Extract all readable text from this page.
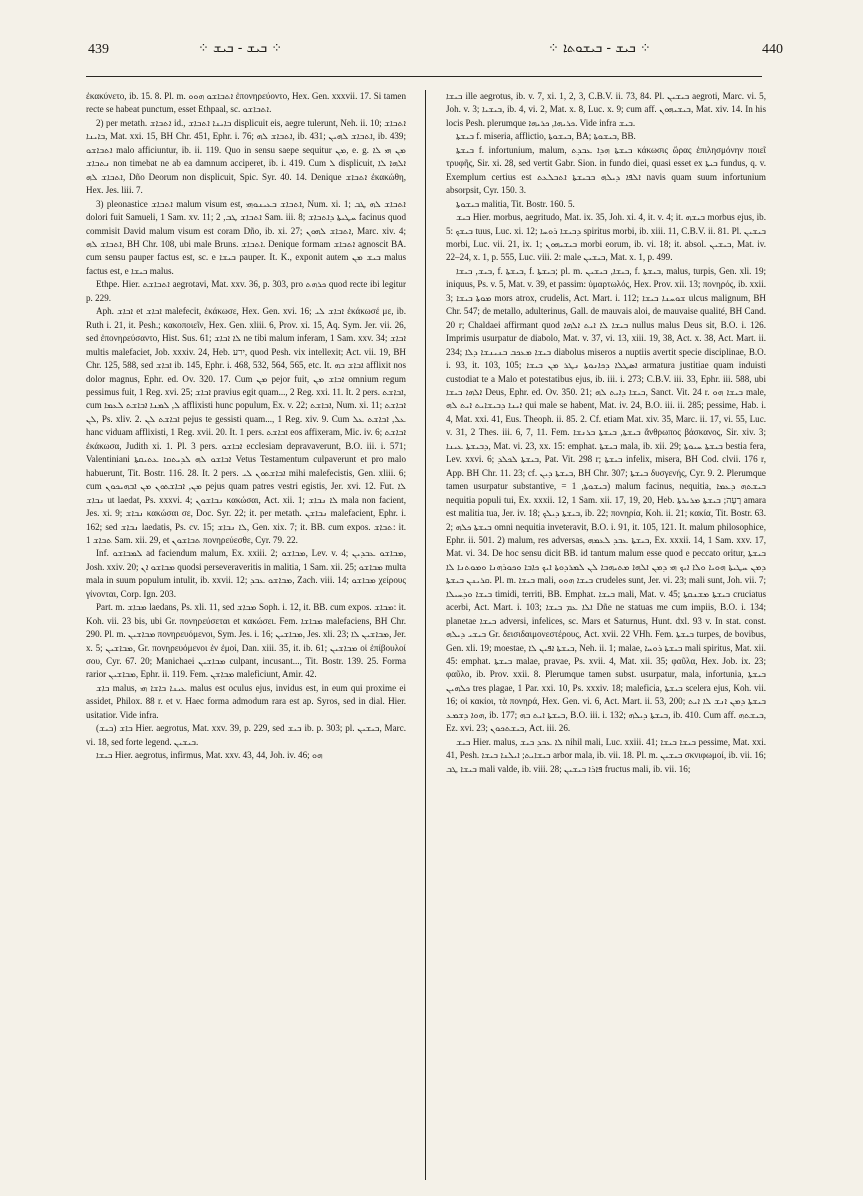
439	⁘ ܒܝܫ - ܒܝܫ ⁘	⁘ ܒܝܫ - ܒܝܫܘܬܐ ⁘	440

ἐκακύνετο, ib. 15. 8. Pl. m. ܐܬܒܐܫܘ ܗܘܘ ἐπονηρεύοντο, Hex. Gen. xxxvii. 17. Si tamen recte se habeat punctum, esset Ethpaal, sc. ܐܬܒܐܫܘ.

2) per metath. ܐܬܒܐܫ id., ܒܐܝܢܐ ܐܬܒܐܫ displicuit eis, aegre tulerunt, Neh. ii. 10; ܐܬܒܐܫ ܒܐܝܢܐ, Mat. xxi. 15, BH Chr. 451, Ephr. i. 76; ܐܬܒܐܫ ܠܗ, ib. 431; ܐܬܒܐܫ ܠܗܝܢ, ib. 439; ܐܬܒܐܫܘ malo afficiuntur, ib. ii. 119. Quo in sensu saepe sequitur ܡܢ, e. g. ܡܢ ܗܝ ܠܐ ܢܬܒܐܫ non timebat ne ab ea damnum acciperet, ib. i. 419. Cum ܠ displicuit, ܐܠܗܐ ܠܐ ܐܬܒܐܫ ܠܗ, Dño Deorum non displicuit, Spic. Syr. 40. 14. Denique ܐܬܒܐܫ ἐκακώθη, Hex. Jes. liii. 7.

3) pleonastice ܐܬܒܐܫ malum visum est, ܐܬܒܐܫ ܒܥܝܢܘܗܝ, Num. xi. 1; ܐܬܒܐܫ ܠܗ ܛܒ dolori fuit Samueli, 1 Sam. xv. 11; ܐܬܒܐܫ ܛܒ, 2 Sam. iii. 8; ܚܛܝܬܐ ܕܐܬܒܐܫ facinus quod commisit David malum visum est coram Dño, ib. xi. 27; ܐܬܒܐܫ ܠܗܘܢ, Marc. xiv. 4; ܐܬܒܐܫ ܠܗ, BH Chr. 108, ubi male Bruns. ܐܬܒܐܫ. Denique formam ܐܬܒܐܫ agnoscit BA. cum sensu pauper factus est, sc. e ܒܝܫܐ pauper. It. K., exponit autem ܒܝܫ ܡܢ malus factus est, e ܒܝܫܐ malus.

Ethpe. Hier. ܐܬܒܐܫܬ aegrotavi, Mat. xxv. 36, p. 303, pro ܟܪܗܬ quod recte ibi legitur p. 229.

Aph. ܐܒܐܫ et ܐܒܐܫ malefecit, ἐκάκωσε, Hex. Gen. xvi. 16; ܐܒܐܫ ܠܝ ἐκάκωσέ με, ib. Ruth i. 21, it. Pesh.; κακοποιεῖν, Hex. Gen. xliii. 6, Prov. xi. 15, Aq. Sym. Jer. vii. 26, sed ἐπονηρεύσαντο, Hist. Sus. 61; ܠܐ ܐܒܐܫ ne tibi malum inferam, 1 Sam. xxv. 34; ܐܒܐܫ multis malefaciet, Job. xxxiv. 24, Heb. ירע, quod Pesh. vix intellexit; Act. vii. 19, BH Chr. 125, 588, sed ܐܒܐܫ ib. 145, Ephr. i. 468, 532, 564, 565, etc. It. ܐܒܐܫ ܒܗ afflixit nos dolor magnus, Ephr. ed. Ov. 320. 17. Cum ܡܢ pejor fuit, ܐܒܐܫ ܡܢ omnium regum pessimus fuit, 1 Reg. xvi. 25; ܐܒܐܫ pravius egit quam..., 2 Reg. xxi. 11. It. 2 pers. ܐܒܐܫܬ, cum ܠ, ܠܡܢܐ ܐܒܐܫܬ ܠܥܡܐ afflixisti hunc populum, Ex. v. 22; ܐܒܐܫܬ, Num. xi. 11; ܐܒܐܫܬ ܠܢ, Ps. xliv. 2. ܐܒܐܫܬ ܠܢ pejus te gessisti quam..., 1 Reg. xiv. 9. Cum ܥܠ, ܐܒܐܫܬ ܥܠ hanc viduam afflixisti, 1 Reg. xvii. 20. It. 1 pers. ܐܒܐܫܬ eos affixeram, Mic. iv. 6; ܐܒܐܫܬ ἐκάκωσα, Judith xi. 1. Pl. 3 pers. ܐܒܐܫܘ ecclesiam depravaverunt, B.O. iii. i. 571; Valentiniani ܐܒܐܫܘ ܠܗ ܠܕܝܬܩܐ ܥܬܝܩܬܐ Vetus Testamentum culpaverunt et pro malo habuerunt, Tit. Bostr. 116. 28. It. 2 pers. ܐܒܐܫܬܘܢ ܠܝ mihi malefecistis, Gen. xliii. 6; cum ܡܢ, ܐܒܐܫܬܘܢ ܡܢ ܐܒܗܝܟܘܢ pejus quam patres vestri egistis, Jer. xvi. 12. Fut. ܠܐ ܢܒܐܫ ut laedat, Ps. xxxvi. 4; ܢܒܐܫܘܢ κακώσαι, Act. xii. 1; ܠܐ ܢܒܐܫ mala non facient, Jes. xi. 9; ܢܒܐܫ κακώσαι σε, Doc. Syr. 22; it. per metath. ܢܒܐܫܢ malefacient, Ephr. i. 162; sed ܢܒܐܫ laedatis, Ps. cv. 15; ܠܐ ܢܒܐܫ, Gen. xix. 7; it. BB. cum expos. ܬܒܐܫ: it. ܬܒܐܫ 1 Sam. xii. 29, et ܬܒܐܫܘܢ πονηρεύεσθε, Cyr. 79. 22.

Inf. ܠܡܒܐܫܘ ad faciendum malum, Ex. xxiii. 2; ܡܒܐܫܘ, Lev. v. 4; ܡܒܐܫܘ ܥܒܕܝܢ, Josh. xxiv. 20; ܡܒܐܫܘ ܐܢ quodsi perseveraveritis in malitia, 1 Sam. xii. 25; ܡܒܐܫܘ multa mala in suum populum intulit, ib. xxvii. 12; ܡܒܐܫܘ ܥܒܕ, Zach. viii. 14; ܡܒܐܫܘ χείρους γίνονται, Corp. Ign. 203.

Part. m. ܡܒܐܫ laedans, Ps. xli. 11, sed ܡܒܐܫ Soph. i. 12, it. BB. cum expos. ܡܒܐܫ: it. Koh. vii. 23 bis, ubi Gr. πονηρεύσεται et κακώσει. Fem. ܡܒܐܫܐ malefaciens, BH Chr. 290. Pl. m. ܡܒܐܫܝܢ πονηρευόμενοι, Sym. Jes. i. 16; ܡܒܐܫܝܢ, Jes. xli. 23; ܡܒܐܫܝܢ ܠܐ, Jer. x. 5; ܡܒܐܫܝܢ, Gr. πονηρευόμενοι ἐν ἐμοί, Dan. xiii. 35, it. ib. 61; ܡܒܐܫܝܢ οἱ ἐπίβουλοί σου, Cyr. 67. 20; Manichaei ܡܒܐܫܝܢ culpant, incusant..., Tit. Bostr. 139. 25. Forma rarior ܡܒܐܫܝܢ, Ephr. ii. 119. Fem. ܡܒܐܫܢ maleficiunt, Amir. 42.

ܒܐܫ malus, ܥܝܢܐ ܒܐܫܐ ܗܝ malus est oculus ejus, invidus est, in eum qui proxime ei assidet, Philox. 88 r. et v. Haec forma admodum rara est ap. Syros, sed in dial. Hier. usitatior. Vide infra.

ܒܐܫ (ܒܝܫ) Hier. aegrotus, Mat. xxv. 39, p. 229, sed ܒܝܫ ib. p. 303; pl. ܒܝܫܝܢ, Marc. vi. 18, sed forte legend. ܒܝܫܝܢ.

ܒܝܫܐ Hier. aegrotus, infirmus, Mat. xxv. 43, 44, Joh. iv. 46; ܗܘ

ܒܝܫܐ ille aegrotus, ib. v. 7, xi. 1, 2, 3, C.B.V. ii. 73, 84. Pl. ܒܝܫܝܢ aegroti, Marc. vi. 5, Joh. v. 3; ܒܝܫܝܐ, ib. 4, vi. 2, Mat. x. 8, Luc. x. 9; cum aff. ܒܝܫܝܗܘܢ, Mat. xiv. 14. In his locis Pesh. plerumque ܟܪܝܗܐ, ܟܪܝܗܐ. Vide infra ܒܝܫ.

ܒܝܫܬܐ f. miseria, afflictio, ܒܝܫܘܬܐ, BA; ܒܝܫܘܬܐ, BB.

ܒܝܫܬܐ f. infortunium, malum, ܒܝܫܬܐ ܗܕܐ ܥܒܕܬ κάκωσις ὥρας ἐπιλησμόνην ποιεῖ τρυφῆς, Sir. xi. 28, sed vertit Gabr. Sion. in fundo diei, quasi esset ex ܒܝܬܐ fundus, q. v. Exemplum certius est ܐܠܦܐ ܕܝܠܗ ܒܒܝܫܬܐ ܐܬܒܠܥܬ navis quam suum infortunium absorpsit, Cyr. 150. 3.

ܒܝܫܘܬܐ malitia, Tit. Bostr. 160. 5.

ܒܝܫ Hier. morbus, aegritudo, Mat. ix. 35, Joh. xi. 4, it. v. 4; it. ܒܝܫܗ morbus ejus, ib. 5: ܒܝܫܟ tuus, Luc. xi. 12; ܕܒܝܫܐ ܪܘܚܐ spiritus morbi, ib. xiii. 11, C.B.V. ii. 81. Pl. ܒܝܫܝܢ morbi, Luc. vii. 21, ix. 1; ܒܝܫܝܗܘܢ morbi eorum, ib. vi. 18; it. absol. ܒܝܫܝܢ, Mat. iv. 22–24, x. 1, p. 555, Luc. viii. 2: male ܒܝܫܝܢ, Mat. x. 1, p. 499.

ܒܝܫ, ܒܝܫܐ, f. ܒܝܫܬܐ, f. ܒܝܫܬܐ; pl. m. ܒܝܫܐ, ܒܝܫܝܢ, f. ܒܝܫܬܐ, malus, turpis, Gen. xli. 19; iniquus, Ps. v. 5, Mat. v. 39, et passim: ὑμαρτωλός, Hex. Prov. xii. 13; πονηρός, ib. xxii. 3; ܡܘܬܐ ܒܝܫܐ mors atrox, crudelis, Act. Mart. i. 112; ܫܘܚܢܐ ܒܝܫܐ ulcus malignum, BH Chr. 547; de metallo, adulterinus, Gall. de mauvais aloi, de mauvaise qualité, BH Cand. 20 r; Chaldaei affirmant quod ܒܝܫܐ ܠܐ ܐܝܬ ܐܠܗܐ nullus malus Deus sit, B.O. i. 126. Imprimis usurpatur de diabolo, Mat. v. 37, vi. 13, xiii. 19, 38, Act. x. 38, Act. Mart. ii. 234; ܒܝܫܐ ܡܥܟܒ ܒܢܝܢܫܐ ܕܠܐ diabolus miseros a nuptiis avertit specie disciplinae, B.O. i. 93, it. 103, 105; ܐܣܛܠܐ ܕܟܐܢܘܬܐ ܢܛܪ ܡܢ ܒܝܫܐ armatura justitiae quam induisti custodiat te a Malo et potestatibus ejus, ib. iii. i. 273; C.B.V. iii. 33, Ephr. iii. 588, ubi ܐܠܗܐ ܒܝܫܐ Deus, Ephr. ed. Ov. 350. 21; ܒܝܫܐ ܕܐܝܬ ܠܗ, Sanct. Vit. 24 r. ܒܝܫܐ ܗܘ male, ܐܝܢܐ ܕܒܝܫܐܝܬ ܐܝܬ ܠܗ qui male se habent, Mat. iv. 24, B.O. iii. ii. 285; pessime, Hab. i. 4, Mat. xxi. 41, Eus. Theoph. ii. 85. 2. Cf. etiam Mat. xiv. 35, Marc. ii. 17, vi. 55, Luc. v. 31, 2 Thes. iii. 6, 7, 11. Fem. ܒܝܫܬܐ, ܒܝܫܬܐ ܒܪܢܫܐ ἄνθρωπος βάσκανος, Sir. xiv. 3; ܕܒܝܫܬܐ ܥܝܢܐ, Mat. vi. 23, xx. 15: emphat. ܒܝܫܬܐ mala, ib. xii. 29; ܒܝܫܬܐ ܚܝܘܬܐ bestia fera, Lev. xxvi. 6; ܒܝܫܬܐ ܠܟܠܕ, Pat. Vit. 298 r; ܒܝܫܬܐ infelix, misera, BH Cod. clvii. 176 r, App. BH Chr. 11. 23; cf. ܒܝܫܬܐ ܕܝܢ, BH Chr. 307; ܒܝܫܬܐ δυσγενής, Cyr. 9. 2. Plerumque tamen usurpatur substantive, = ܒܝܫܘܬܐ, 1) malum facinus, nequitia, ܒܝܫܬܗ ܕܥܡܐ nequitia populi tui, Ex. xxxii. 12, 1 Sam. xii. 17, 19, 20, Heb. רָעָה; ܒܝܫܬܐ ܡܪܝܪܬܐ amara est malitia tua, Jer. iv. 18; ܒܝܫܬܐ ܕܝܠܟ, ib. 22; πονηρία, Koh. ii. 21; κακία, Tit. Bostr. 63. 2; ܒܝܫܬܐ ܟܠܗ omni nequitia inveteravit, B.O. i. 91, it. 105, 121. It. malum philosophice, Ephr. ii. 501. 2) malum, res adversas, ܒܝܫܬܐ ܥܒܕ ܠܥܡܗ, Ex. xxxii. 14, 1 Sam. xxv. 17, Mat. vi. 34. De hoc sensu dicit BB. id tantum malum esse quod e peccato oritur, ܒܝܫܬܐ ܕܡܢ ܚܛܝܬܐ ܗܘܝܐ ܘܠܐ ܐܝܟ ܗܝ ܕܡܢ ܐܠܗܐ ܡܬܝܗܒܐ ܠܢ ܠܡܪܕܘܬܐ ܐܝܟ ܟܐܒܐ ܘܟܘܪܗܢܐ ܘܡܘܬܢܐ ܠܐ ܩܪܝܢܢ ܒܝܫܬܐ. Pl. m. ܒܝܫܐ mali, ܒܝܫܐ ܗܘܘ crudeles sunt, Jer. vi. 23; mali sunt, Joh. vii. 7; ܒܝܫܐ ܘܕܚܝܠܐ timidi, territi, BB. Emphat. ܒܝܫܐ mali, Mat. v. 45; ܒܝܫܬܐ ܡܫܢܩܬܐ cruciatus acerbi, Act. Mart. i. 103; ܐܠܐ ܥܡ ܒܝܫܐ Dñe ne statuas me cum impiis, B.O. i. 134; planetae ܒܝܫܐ adversi, infelices, sc. Mars et Saturnus, Hunt. dxl. 93 v. In stat. const. ܒܝܫܝ ܕܝܠܗ Gr. δεισιδαιμονεστέρους, Act. xvii. 22 VHh. Fem. ܒܝܫܬܐ turpes, de bovibus, Gen. xli. 19; moestae, ܒܝܫܬܐ ܐܦܝܢ ܠܐ, Neh. ii. 1; malae, ܒܝܫܬܐ ܪܘܚܐ mali spiritus, Mat. xii. 45: emphat. ܒܝܫܬܐ malae, pravae, Ps. xvii. 4, Mat. xii. 35; φαῦλα, Hex. Job. ix. 23; φαῦλο, ib. Prov. xxii. 8. Plerumque tamen subst. usurpatur, mala, infortunia, ܒܝܫܬܐ ܟܠܗܝܢ tres plagae, 1 Par. xxi. 10, Ps. xxxiv. 18; maleficia, ܒܝܫܬܐ scelera ejus, Koh. vii. 16; οἱ κακίοι, τὰ πονηρά, Hex. Gen. vi. 6, Act. Mart. ii. 53, 200; ܒܝܫܬܐ ܕܡܢ ܐܢܫ ܠܐ ܐܝܬ ܗܘܐ ܕܫܡܥ, ib. 177; ܒܝܫܬܐ ܐܝܬ ܒܗ, B.O. iii. i. 132; ܒܝܫܬܐ ܕܝܠܗ, ib. 410. Cum aff. ܒܝܫܬܗ, Ez. xvi. 23; ܒܝܫܬܟܘܢ, Act. iii. 26.

ܒܝܫ Hier. malus, ܠܐ ܥܒܕ ܒܝܫ nihil mali, Luc. xxiii. 41; ܒܝܫܐ ܒܝܫܐ pessime, Mat. xxi. 41, Pesh. ܒܝܫܐܝܬ; ܐܝܠܢܐ ܒܝܫܐ arbor mala, ib. vii. 18. Pl. m. ܒܝܫܝܢ σκνιφωμοί, ib. vii. 16; ܒܝܫܐ ܛܒ mali valde, ib. viii. 28; ܦܐܪܐ ܒܝܫܝܢ fructus mali, ib. vii. 16;
